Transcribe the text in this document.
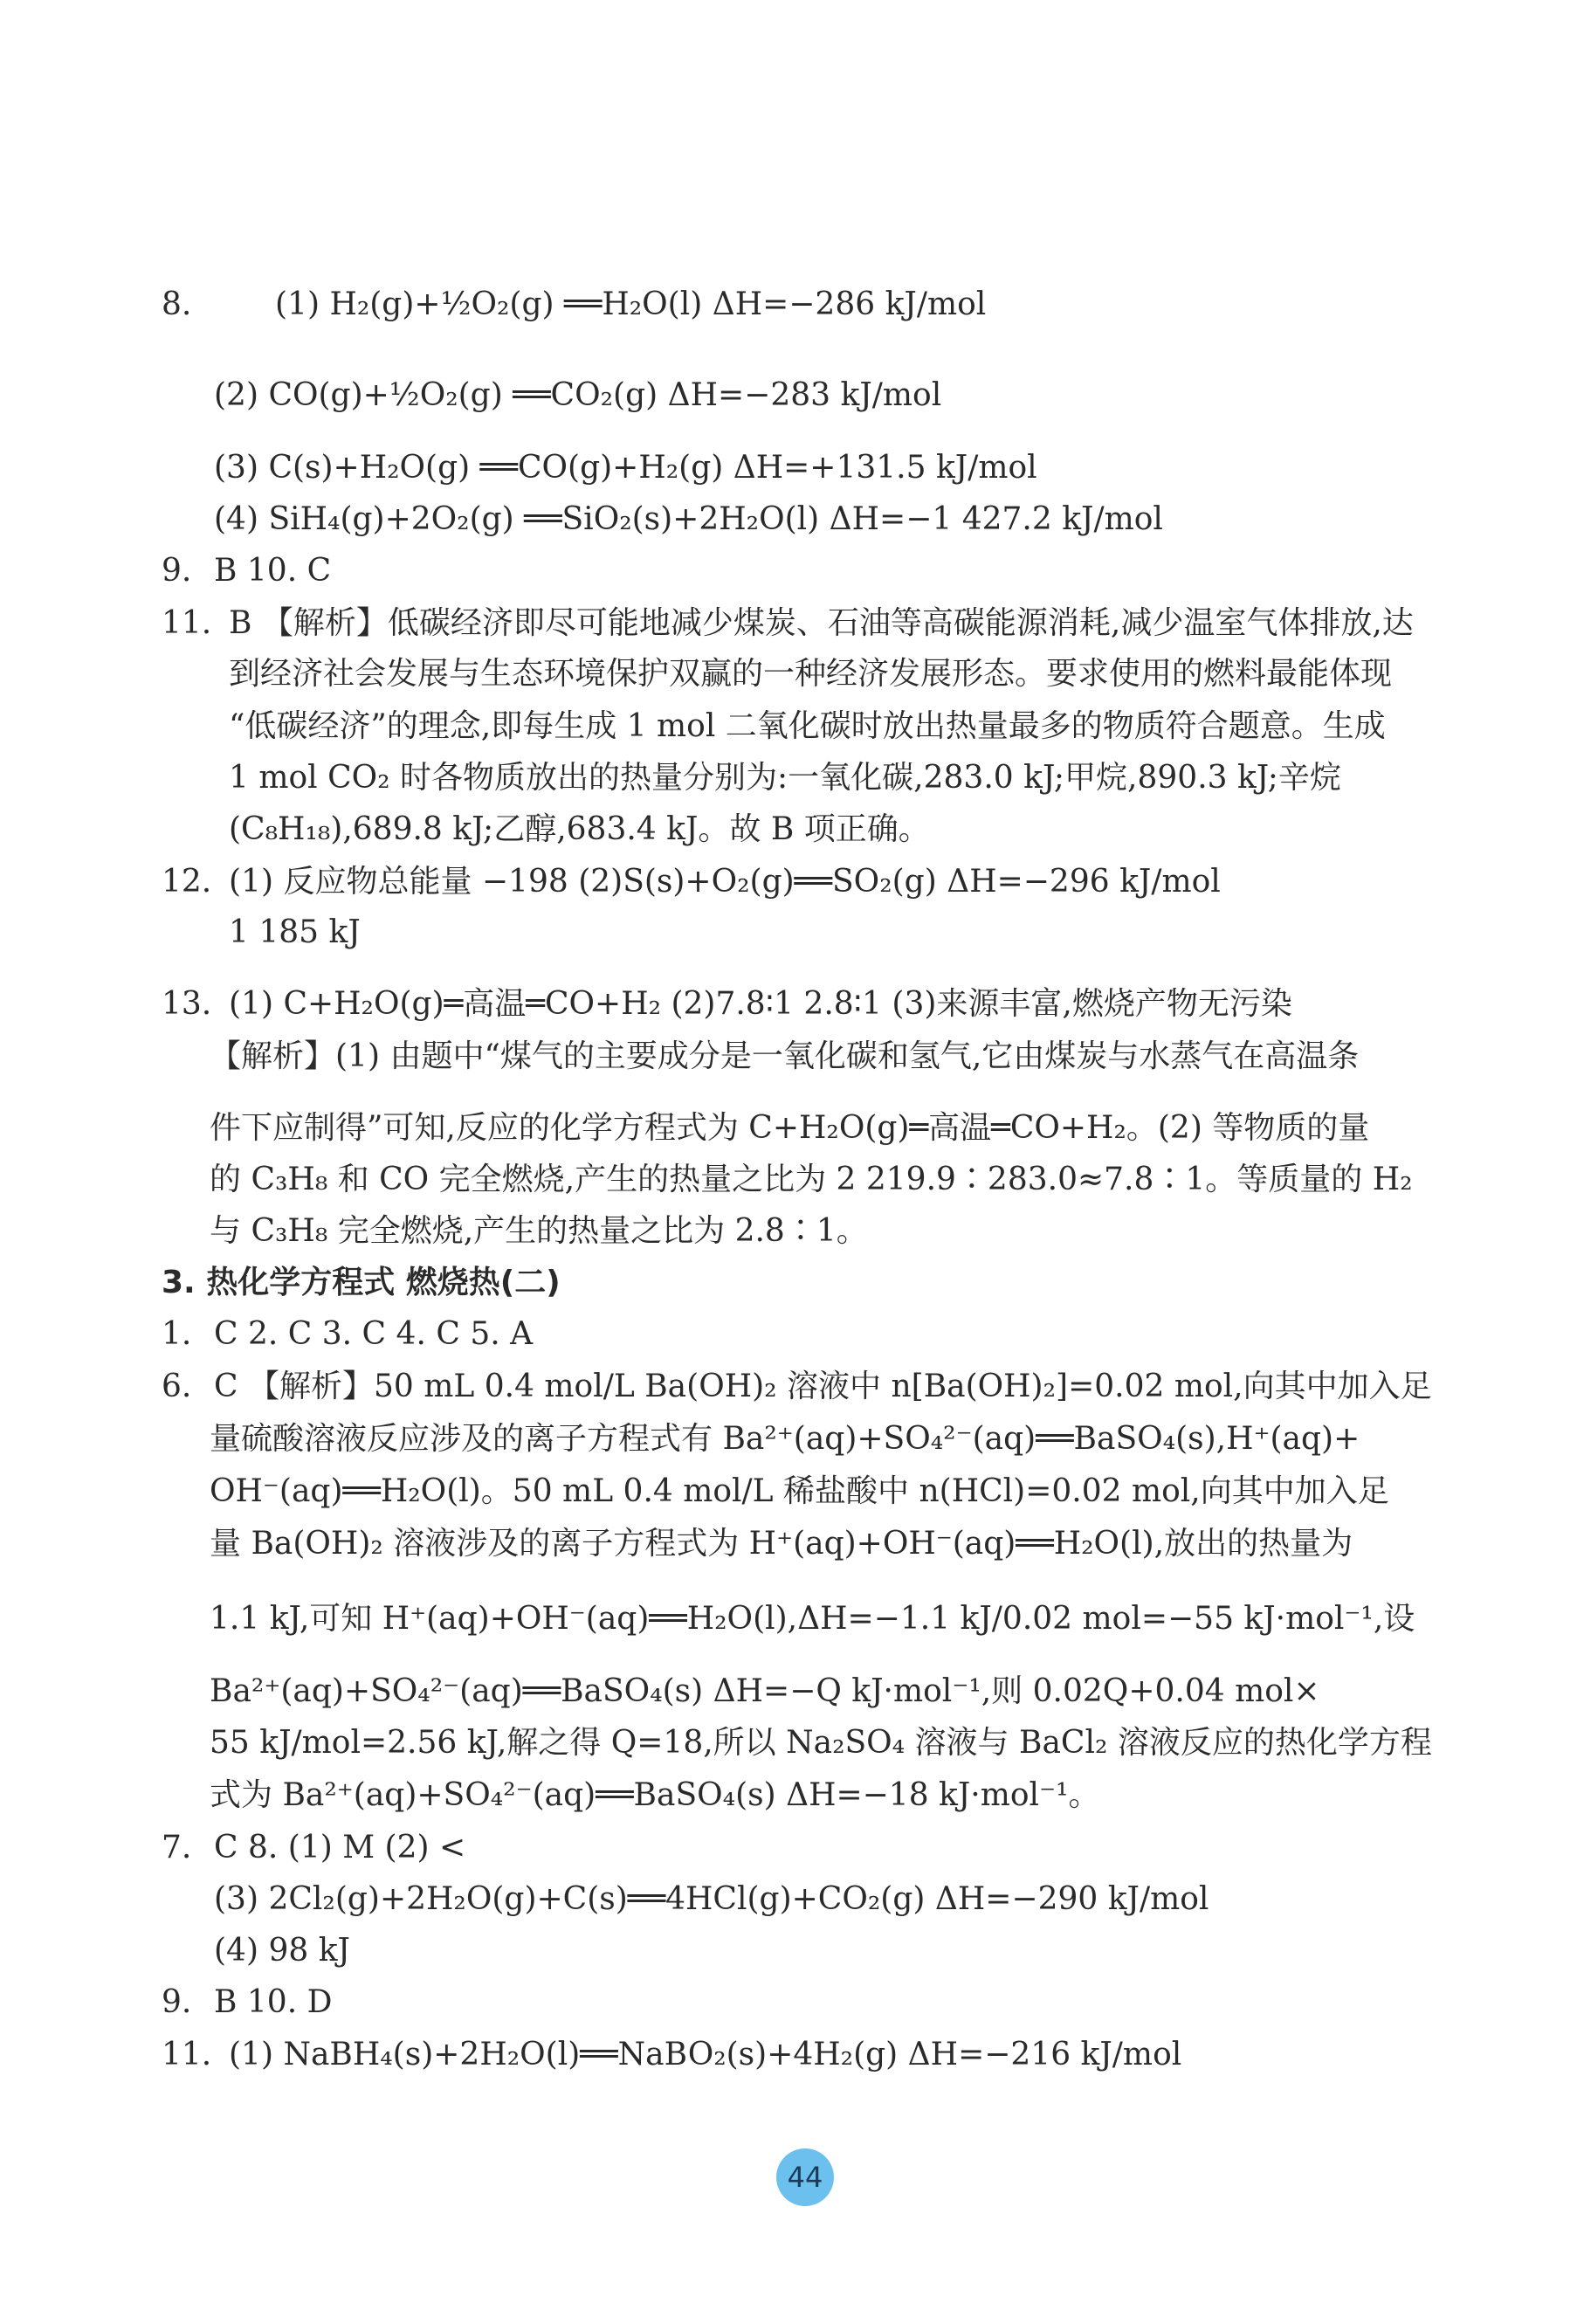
8.	(1) H₂(g)+½O₂(g) ══H₂O(l) ΔH=−286 kJ/mol
(2) CO(g)+½O₂(g) ══CO₂(g) ΔH=−283 kJ/mol
(3) C(s)+H₂O(g) ══CO(g)+H₂(g) ΔH=+131.5 kJ/mol
(4) SiH₄(g)+2O₂(g) ══SiO₂(s)+2H₂O(l) ΔH=−1 427.2 kJ/mol
9. B 10. C
11. B 【解析】低碳经济即尽可能地减少煤炭、石油等高碳能源消耗,减少温室气体排放,达
到经济社会发展与生态环境保护双赢的一种经济发展形态。要求使用的燃料最能体现
“低碳经济”的理念,即每生成 1 mol 二氧化碳时放出热量最多的物质符合题意。生成
1 mol CO₂ 时各物质放出的热量分别为:一氧化碳,283.0 kJ;甲烷,890.3 kJ;辛烷
(C₈H₁₈),689.8 kJ;乙醇,683.4 kJ。故 B 项正确。
12. (1) 反应物总能量 −198 (2)S(s)+O₂(g)══SO₂(g) ΔH=−296 kJ/mol
1 185 kJ
13. (1) C+H₂O(g)═高温═CO+H₂ (2)7.8∶1 2.8∶1 (3)来源丰富,燃烧产物无污染
【解析】(1) 由题中“煤气的主要成分是一氧化碳和氢气,它由煤炭与水蒸气在高温条
件下应制得”可知,反应的化学方程式为 C+H₂O(g)═高温═CO+H₂。(2) 等物质的量
的 C₃H₈ 和 CO 完全燃烧,产生的热量之比为 2 219.9∶283.0≈7.8∶1。等质量的 H₂
与 C₃H₈ 完全燃烧,产生的热量之比为 2.8∶1。
3. 热化学方程式 燃烧热(二)
1. C 2. C 3. C 4. C 5. A
6. C 【解析】50 mL 0.4 mol/L Ba(OH)₂ 溶液中 n[Ba(OH)₂]=0.02 mol,向其中加入足
量硫酸溶液反应涉及的离子方程式有 Ba²⁺(aq)+SO₄²⁻(aq)══BaSO₄(s),H⁺(aq)+
OH⁻(aq)══H₂O(l)。50 mL 0.4 mol/L 稀盐酸中 n(HCl)=0.02 mol,向其中加入足
量 Ba(OH)₂ 溶液涉及的离子方程式为 H⁺(aq)+OH⁻(aq)══H₂O(l),放出的热量为
1.1 kJ,可知 H⁺(aq)+OH⁻(aq)══H₂O(l),ΔH=−1.1 kJ/0.02 mol=−55 kJ·mol⁻¹,设
Ba²⁺(aq)+SO₄²⁻(aq)══BaSO₄(s) ΔH=−Q kJ·mol⁻¹,则 0.02Q+0.04 mol×
55 kJ/mol=2.56 kJ,解之得 Q=18,所以 Na₂SO₄ 溶液与 BaCl₂ 溶液反应的热化学方程
式为 Ba²⁺(aq)+SO₄²⁻(aq)══BaSO₄(s) ΔH=−18 kJ·mol⁻¹。
7. C 8. (1) M (2) <
(3) 2Cl₂(g)+2H₂O(g)+C(s)══4HCl(g)+CO₂(g) ΔH=−290 kJ/mol
(4) 98 kJ
9. B 10. D
11. (1) NaBH₄(s)+2H₂O(l)══NaBO₂(s)+4H₂(g) ΔH=−216 kJ/mol
44
